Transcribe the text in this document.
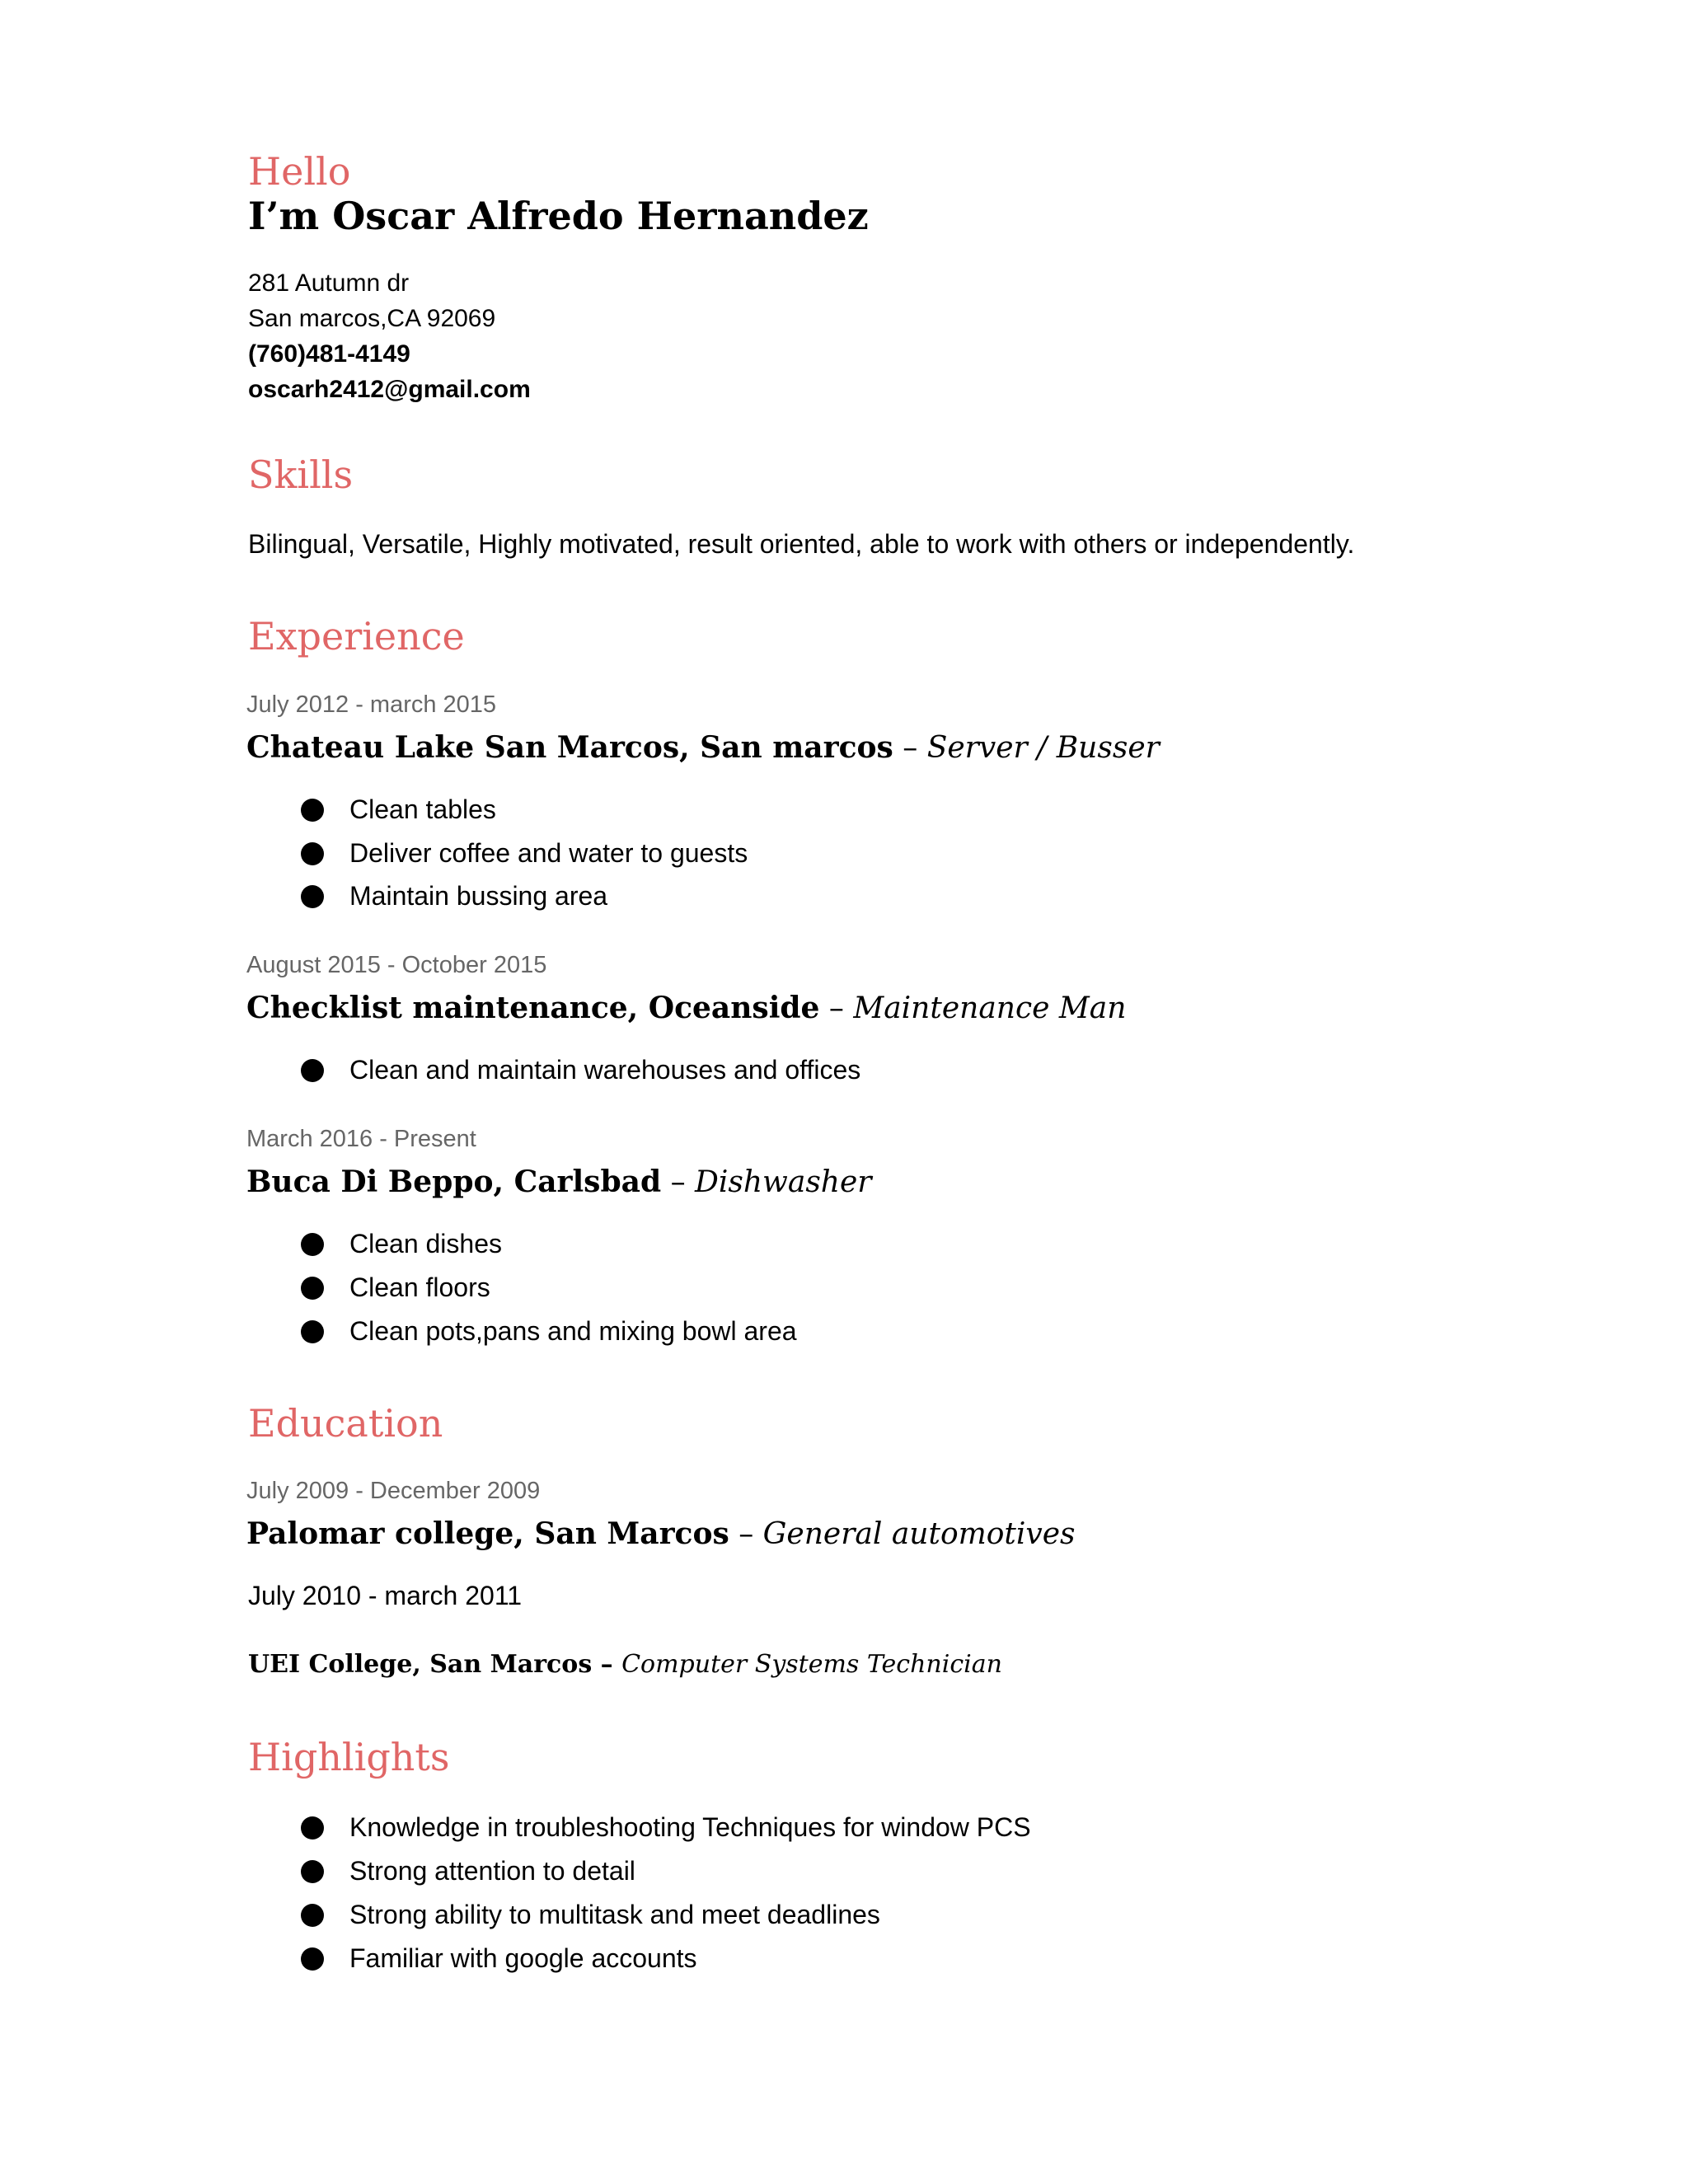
Hello
I’m Oscar Alfredo Hernandez
281 Autumn dr
San marcos,CA 92069
(760)481-4149
oscarh2412@gmail.com
Skills
Bilingual, Versatile, Highly motivated, result oriented, able to work with others or independently.
Experience
July 2012 - march 2015
Chateau Lake San Marcos, San marcos – Server / Busser
Clean tables
Deliver coffee and water to guests
Maintain bussing area
August 2015 - October 2015
Checklist maintenance, Oceanside – Maintenance Man
Clean and maintain warehouses and offices
March 2016 - Present
Buca Di Beppo, Carlsbad – Dishwasher
Clean dishes
Clean floors
Clean pots,pans and mixing bowl area
Education
July 2009 - December 2009
Palomar college, San Marcos – General automotives
July 2010 - march 2011
UEI College, San Marcos – Computer Systems Technician
Highlights
Knowledge in troubleshooting Techniques for window PCS
Strong attention to detail
Strong ability to multitask and meet deadlines
Familiar with google accounts
